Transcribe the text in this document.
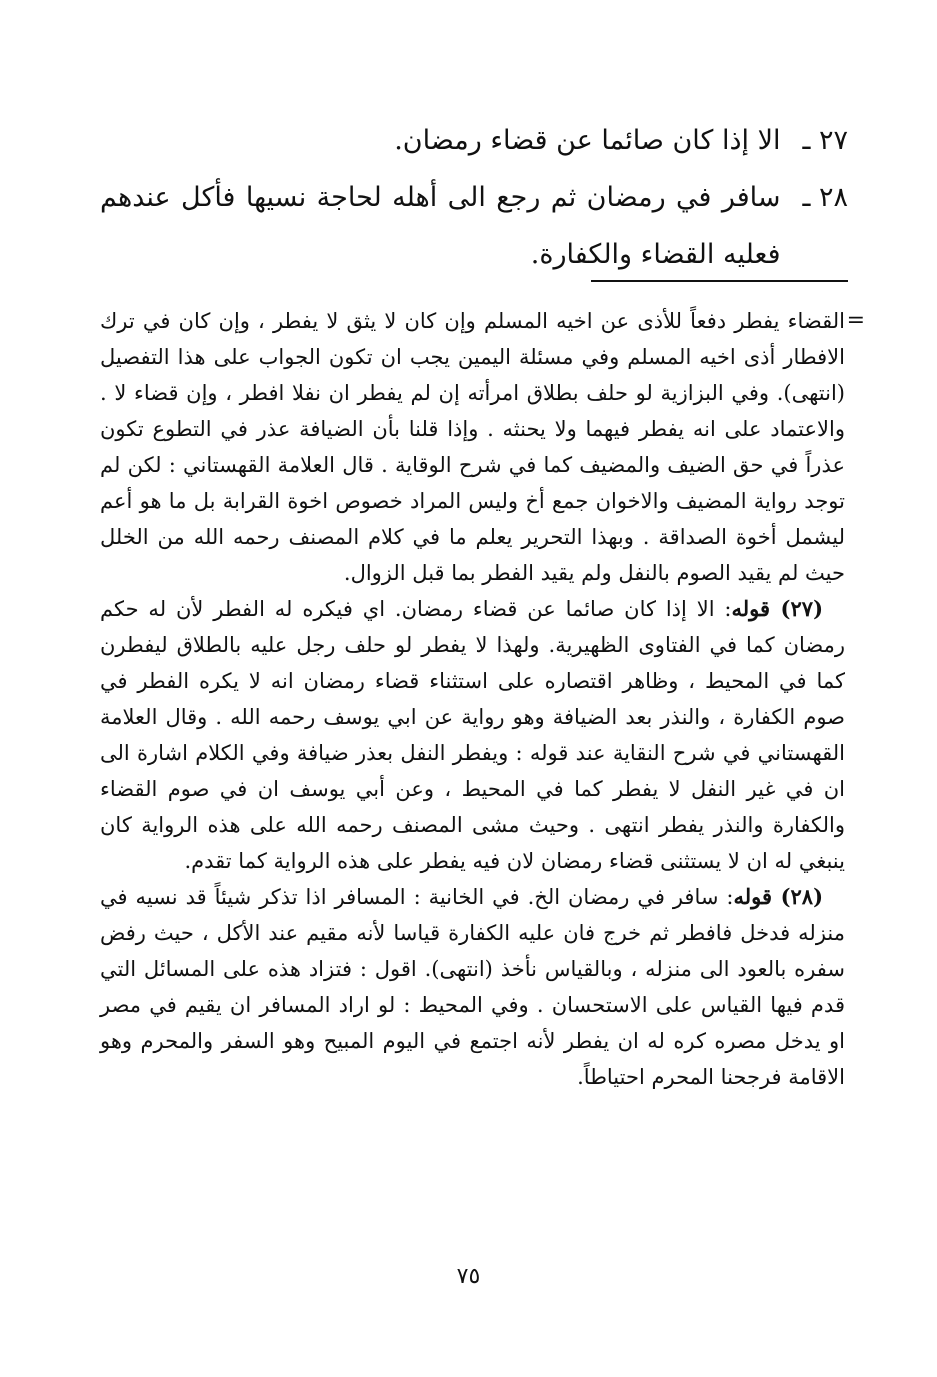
٢٧ ـ
الا إذا كان صائما عن قضاء رمضان.
٢٨ ـ
سافر في رمضان ثم رجع الى أهله لحاجة نسيها فأكل عندهم فعليه القضاء والكفارة.
=

القضاء يفطر دفعاً للأذى عن اخيه المسلم وإن كان لا يثق لا يفطر ، وإن كان في ترك الافطار أذى اخيه المسلم وفي مسئلة اليمين يجب ان تكون الجواب على هذا التفصيل (انتهى). وفي البزازية لو حلف بطلاق امرأته إن لم يفطر ان نفلا افطر ، وإن قضاء لا . والاعتماد على انه يفطر فيهما ولا يحنثه . وإذا قلنا بأن الضيافة عذر في التطوع تكون عذراً في حق الضيف والمضيف كما في شرح الوقاية . قال العلامة القهستاني : لكن لم توجد رواية المضيف والاخوان جمع أخ وليس المراد خصوص اخوة القرابة بل ما هو أعم ليشمل أخوة الصداقة . وبهذا التحرير يعلم ما في كلام المصنف رحمه الله من الخلل حيث لم يقيد الصوم بالنفل ولم يقيد الفطر بما قبل الزوال.

(٢٧) قوله: الا إذا كان صائما عن قضاء رمضان. اي فيكره له الفطر لأن له حكم رمضان كما في الفتاوى الظهيرية. ولهذا لا يفطر لو حلف رجل عليه بالطلاق ليفطرن كما في المحيط ، وظاهر اقتصاره على استثناء قضاء رمضان انه لا يكره الفطر في صوم الكفارة ، والنذر بعد الضيافة وهو رواية عن ابي يوسف رحمه الله . وقال العلامة القهستاني في شرح النقاية عند قوله : ويفطر النفل بعذر ضيافة وفي الكلام اشارة الى ان في غير النفل لا يفطر كما في المحيط ، وعن أبي يوسف ان في صوم القضاء والكفارة والنذر يفطر انتهى . وحيث مشى المصنف رحمه الله على هذه الرواية كان ينبغي له ان لا يستثنى قضاء رمضان لان فيه يفطر على هذه الرواية كما تقدم.

(٢٨) قوله: سافر في رمضان الخ. في الخانية : المسافر اذا تذكر شيئاً قد نسيه في منزله فدخل فافطر ثم خرج فان عليه الكفارة قياسا لأنه مقيم عند الأكل ، حيث رفض سفره بالعود الى منزله ، وبالقياس نأخذ (انتهى). اقول : فتزاد هذه على المسائل التي قدم فيها القياس على الاستحسان . وفي المحيط : لو اراد المسافر ان يقيم في مصر او يدخل مصره كره له ان يفطر لأنه اجتمع في اليوم المبيح وهو السفر والمحرم وهو الاقامة فرجحنا المحرم احتياطاً.

٧٥
